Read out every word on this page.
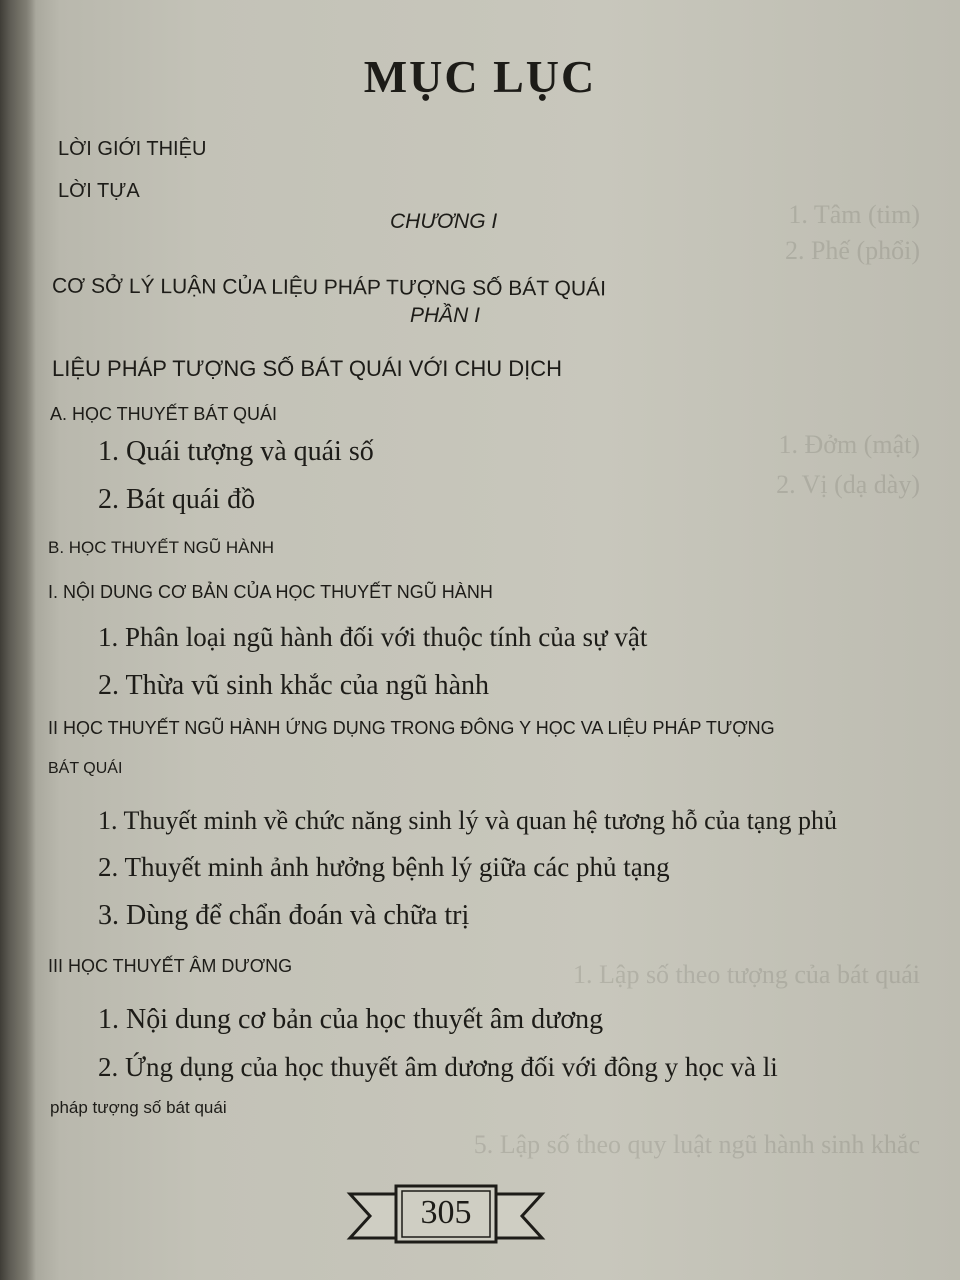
1. Tâm (tim)
2. Phế (phổi)
1. Đởm (mật)
2. Vị (dạ dày)
1. Lập số theo tượng của bát quái
5. Lập số theo quy luật ngũ hành sinh khắc
MỤC LỤC
LỜI GIỚI THIỆU
LỜI TỰA
CHƯƠNG I
CƠ SỞ LÝ LUẬN CỦA LIỆU PHÁP TƯỢNG SỐ BÁT QUÁI
PHẦN I
LIỆU PHÁP TƯỢNG SỐ BÁT QUÁI VỚI CHU DỊCH
A. HỌC THUYẾT BÁT QUÁI
1. Quái tượng và quái số
2. Bát quái đồ
B. HỌC THUYẾT NGŨ HÀNH
I. NỘI DUNG CƠ BẢN CỦA HỌC THUYẾT NGŨ HÀNH
1. Phân loại ngũ hành đối với thuộc tính của sự vật
2. Thừa vũ sinh khắc của ngũ hành
II HỌC THUYẾT NGŨ HÀNH ỨNG DỤNG TRONG ĐÔNG Y HỌC VA LIỆU PHÁP TƯỢNG
BÁT QUÁI
1. Thuyết minh về chức năng sinh lý và quan hệ tương hỗ của tạng phủ
2. Thuyết minh ảnh hưởng bệnh lý giữa các phủ tạng
3. Dùng để chẩn đoán và chữa trị
III HỌC THUYẾT ÂM DƯƠNG
1. Nội dung cơ bản của học thuyết âm dương
2. Ứng dụng của học thuyết âm dương đối với đông y học và li
pháp tượng số bát quái
305
